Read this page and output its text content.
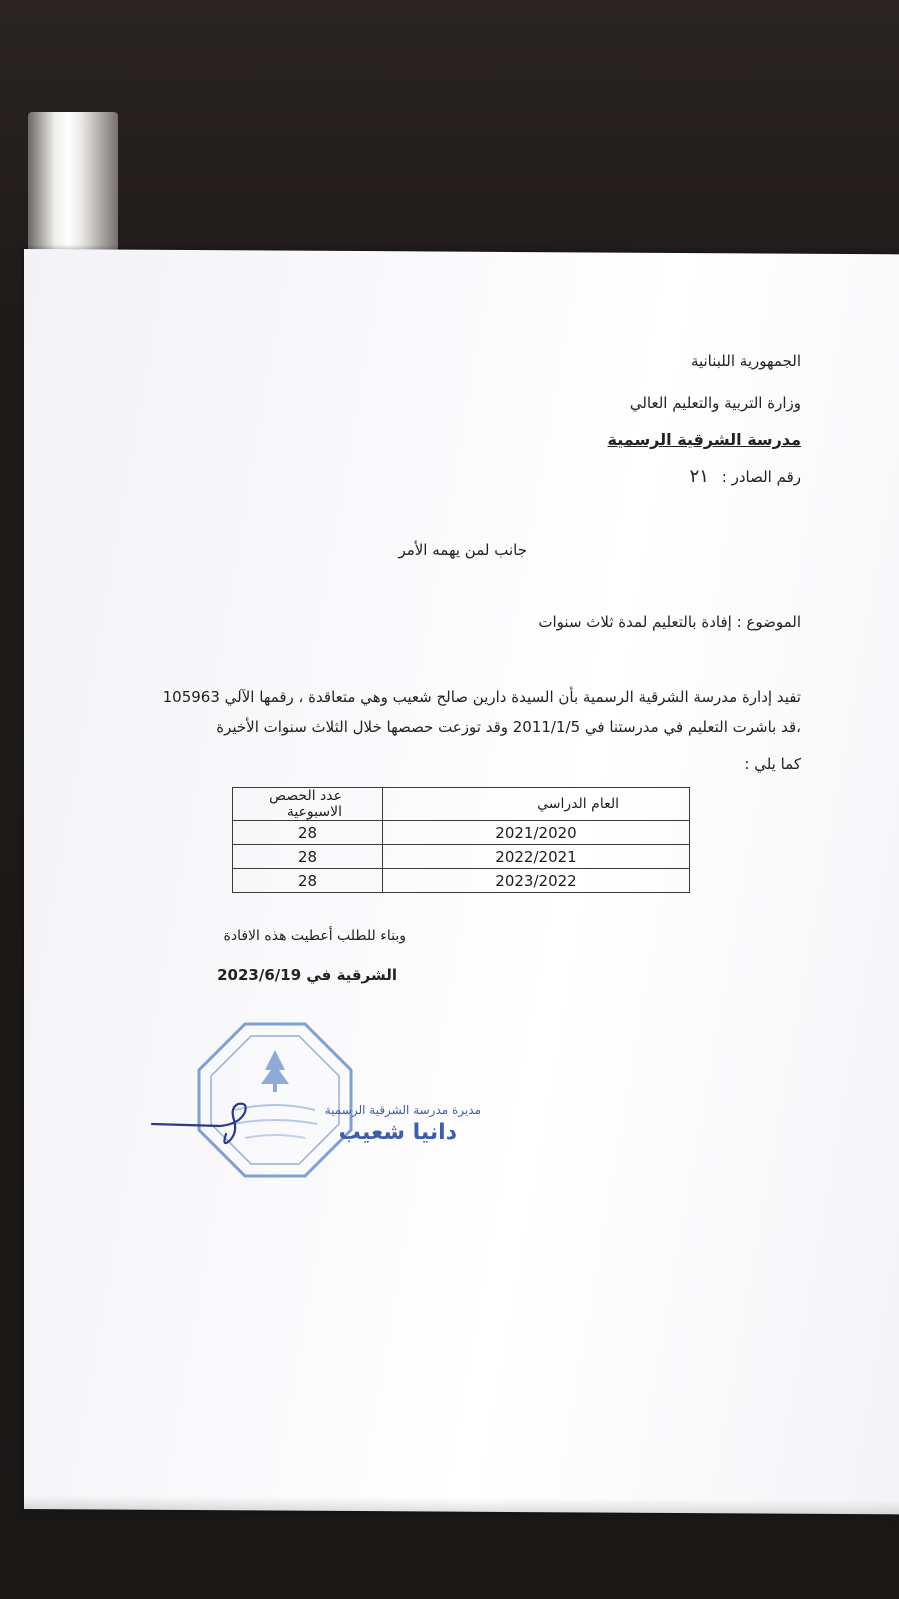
الجمهورية اللبنانية
وزارة التربية والتعليم العالي
مدرسة الشرقية الرسمية
رقم الصادر : ٢١
جانب لمن يهمه الأمر
الموضوع : إفادة بالتعليم لمدة ثلاث سنوات
تفيد إدارة مدرسة الشرقية الرسمية بأن السيدة دارين صالح شعيب وهي متعاقدة ، رقمها الآلي 105963
،قد باشرت التعليم في مدرستنا في 2011/1/5 وقد توزعت حصصها خلال الثلاث سنوات الأخيرة
كما يلي :
العام الدراسي	عدد الحصص الاسبوعية
2021/2020	28
2022/2021	28
2023/2022	28
وبناء للطلب أعطيت هذه الافادة
الشرقية في 2023/6/19
مديرة مدرسة الشرقية الرسمية
دانيا شعيب
